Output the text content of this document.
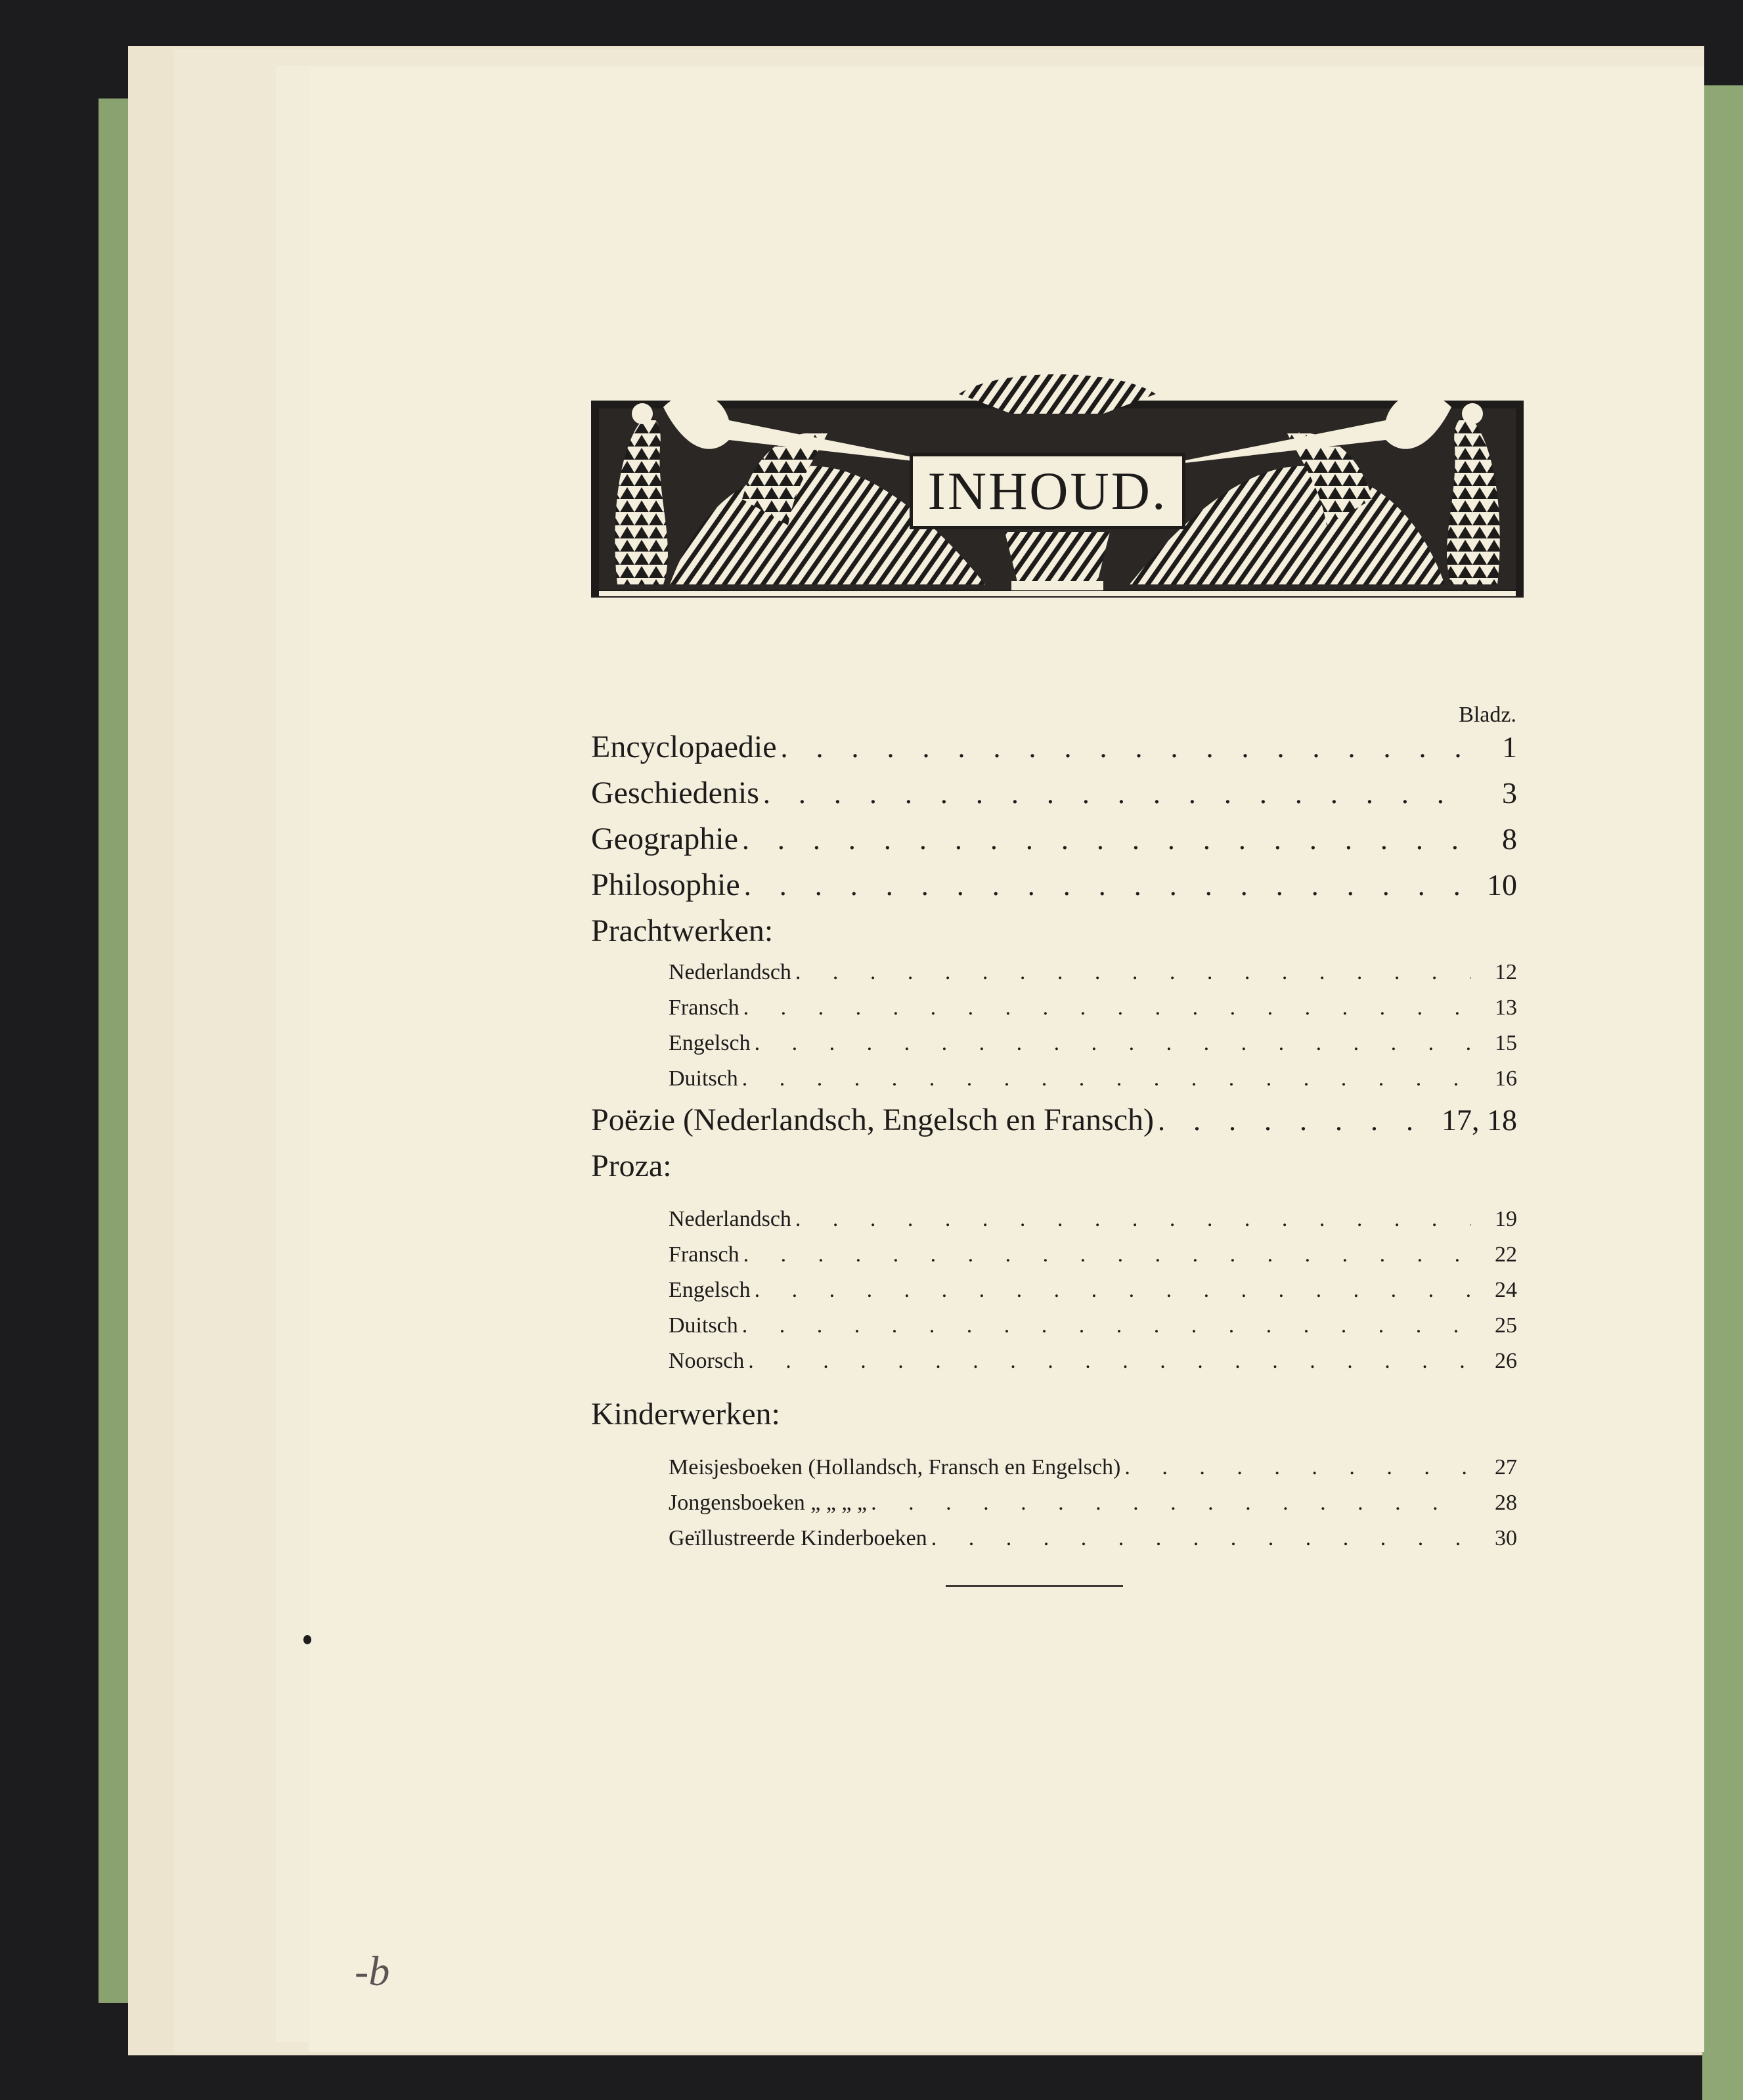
INHOUD.
Bladz.
Encyclopaedie . . .	1
Geschiedenis . . .	3
Geographie . . .	8
Philosophie . . .	10
Prachtwerken:
Nederlandsch . . .	12
Fransch . . .	13
Engelsch . . .	15
Duitsch . . .	16
Poëzie (Nederlandsch, Engelsch en Fransch) . . .	17, 18
Proza:
Nederlandsch . . .	19
Fransch . . .	22
Engelsch . . .	24
Duitsch . . .	25
Noorsch . . .	26
Kinderwerken:
Meisjesboeken (Hollandsch, Fransch en Engelsch) . . .	27
Jongensboeken „ „ „ „ . . .	28
Geïllustreerde Kinderboeken . . .	30
-b
